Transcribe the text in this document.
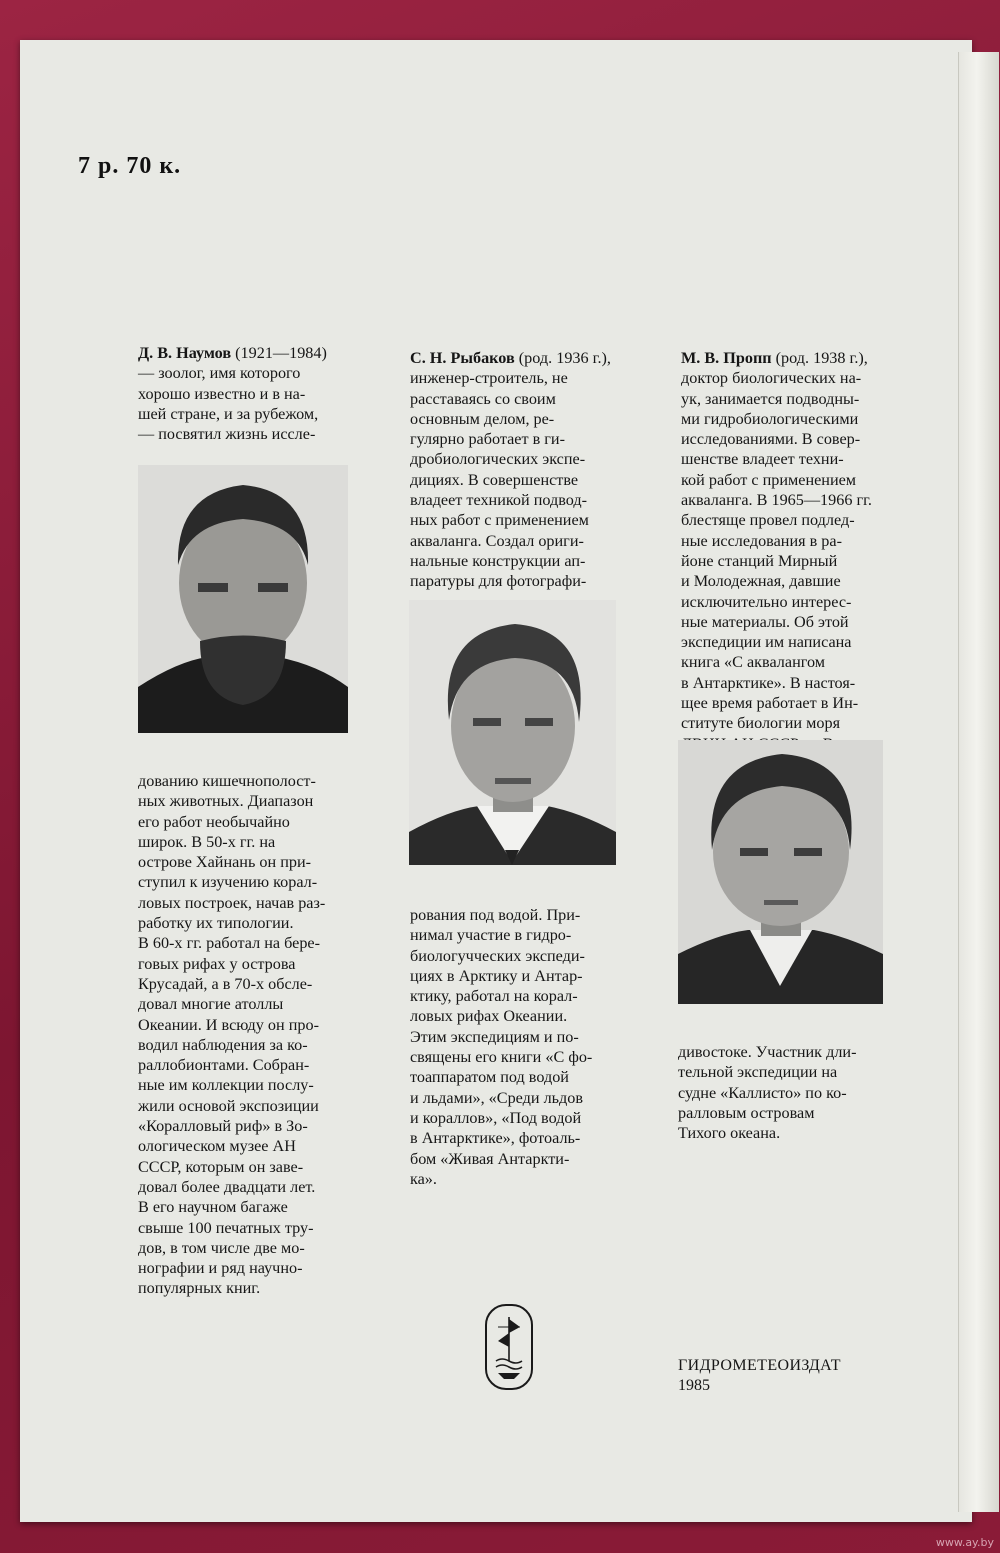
7 р. 70 к.

Д. В. Наумов (1921—1984)
— зоолог, имя которого
хорошо известно и в на-
шей стране, и за рубежом,
— посвятил жизнь иссле-

дованию кишечнополост-
ных животных. Диапазон
его работ необычайно
широк. В 50-х гг. на
острове Хайнань он при-
ступил к изучению корал-
ловых построек, начав раз-
работку их типологии.
В 60-х гг. работал на бере-
говых рифах у острова
Крусадай, а в 70-х обсле-
довал многие атоллы
Океании. И всюду он про-
водил наблюдения за ко-
раллобионтами. Собран-
ные им коллекции послу-
жили основой экспозиции
«Коралловый риф» в Зо-
ологическом музее АН
СССР, которым он заве-
довал более двадцати лет.
В его научном багаже
свыше 100 печатных тру-
дов, в том числе две мо-
нографии и ряд научно-
популярных книг.

С. Н. Рыбаков (род. 1936 г.),
инженер-строитель, не
расставаясь со своим
основным делом, ре-
гулярно работает в ги-
дробиологических экспе-
дициях. В совершенстве
владеет техникой подвод-
ных работ с применением
акваланга. Создал ориги-
нальные конструкции ап-
паратуры для фотографи-

рования под водой. При-
нимал участие в гидро-
биологучческих экспеди-
циях в Арктику и Антар-
ктику, работал на корал-
ловых рифах Океании.
Этим экспедициям и по-
священы его книги «С фо-
тоаппаратом под водой
и льдами», «Среди льдов
и кораллов», «Под водой
в Антарктике», фотоаль-
бом «Живая Антаркти-
ка».

М. В. Пропп (род. 1938 г.),
доктор биологических на-
ук, занимается подводны-
ми гидробиологическими
исследованиями. В совер-
шенстве владеет техни-
кой работ с применением
акваланга. В 1965—1966 гг.
блестяще провел подлед-
ные исследования в ра-
йоне станций Мирный
и Молодежная, давшие
исключительно интерес-
ные материалы. Об этой
экспедиции им написана
книга «С аквалангом
в Антарктике». В настоя-
щее время работает в Ин-
ституте биологии моря

дивостоке. Участник дли-
тельной экспедиции на
судне «Каллисто» по ко-
ралловым островам
Тихого океана.

ГИДРОМЕТЕОИЗДАТ

1985

www.ay.by
